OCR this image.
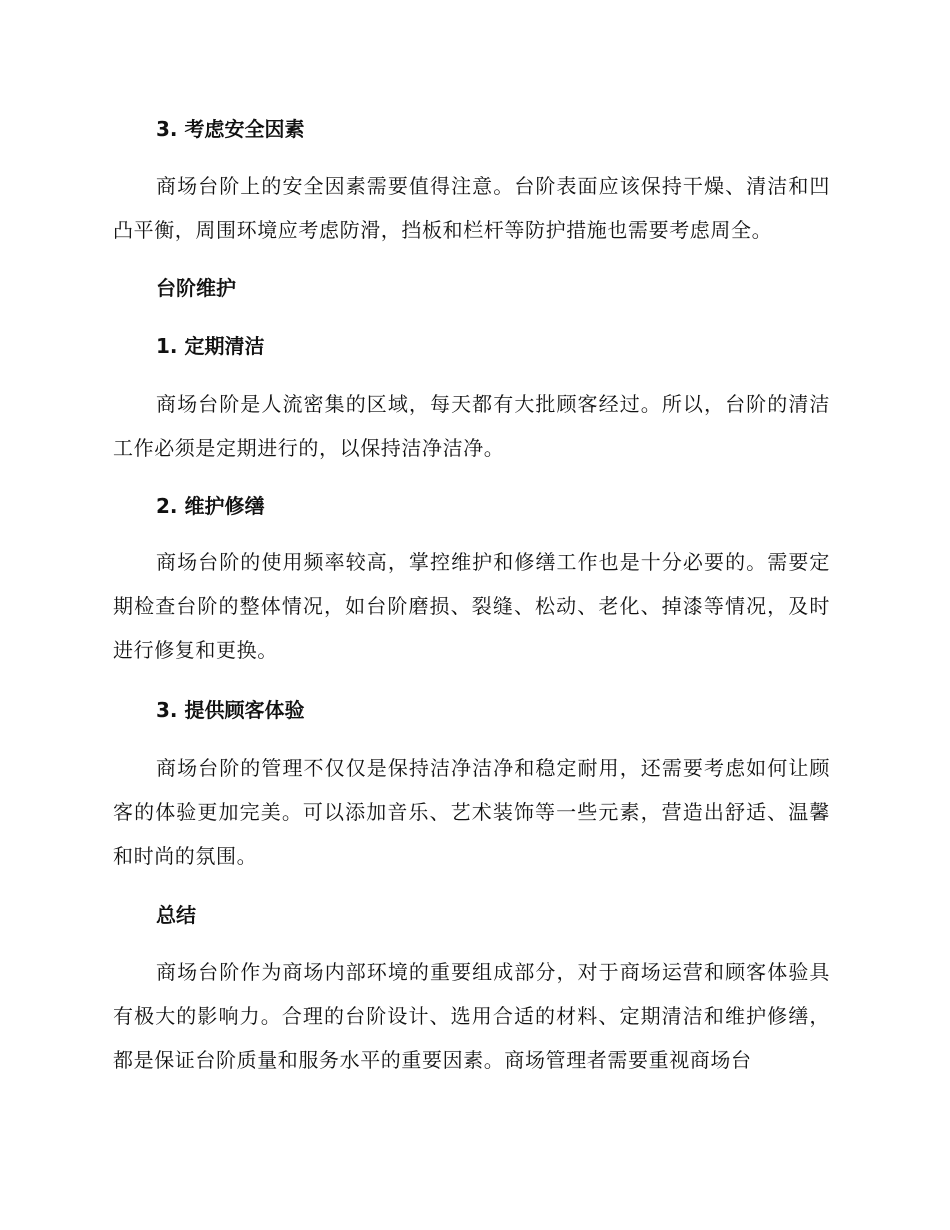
3. 考虑安全因素

商场台阶上的安全因素需要值得注意。台阶表面应该保持干燥、清洁和凹凸平衡，周围环境应考虑防滑，挡板和栏杆等防护措施也需要考虑周全。

台阶维护
1. 定期清洁

商场台阶是人流密集的区域，每天都有大批顾客经过。所以，台阶的清洁工作必须是定期进行的，以保持洁净洁净。

2. 维护修缮

商场台阶的使用频率较高，掌控维护和修缮工作也是十分必要的。需要定期检查台阶的整体情况，如台阶磨损、裂缝、松动、老化、掉漆等情况，及时进行修复和更换。

3. 提供顾客体验

商场台阶的管理不仅仅是保持洁净洁净和稳定耐用，还需要考虑如何让顾客的体验更加完美。可以添加音乐、艺术装饰等一些元素，营造出舒适、温馨和时尚的氛围。

总结

商场台阶作为商场内部环境的重要组成部分，对于商场运营和顾客体验具有极大的影响力。合理的台阶设计、选用合适的材料、定期清洁和维护修缮，都是保证台阶质量和服务水平的重要因素。商场管理者需要重视商场台
